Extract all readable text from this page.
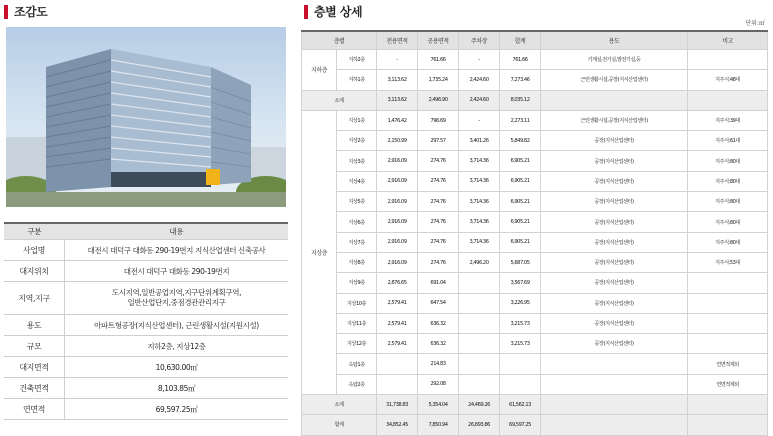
조감도
구분	내용
사업명	대전시 대덕구 대화동 290-19번지 지식산업센터 신축공사
대지위치	대전시 대덕구 대화동 290-19번지
지역,지구	도시지역,일반공업지역,지구단위계획구역,
일반산업단지,중점경관관리지구
용도	아파트형공장(지식산업센터), 근린생활시설(지원시설)
규모	지하2층, 지상12층
대지면적	10,630.00㎡
건축면적	8,103.85㎡
연면적	69,597.25㎡
층별 상세
단위:㎡
층별		전용면적	공용면적	주차장	합계	용도	비고
지하층	지하2층	-	761.66	-	761.66	기계실,전기실,발전기실,등	
	지하1층	3,113.62	1,735.24	2,424.60	7,273.46	근린생활시설,공장(지식산업센터)	지주식:48대
소계		3,113.62	2,496.90	2,424.60	8,035.12		
지상층	지상1층	1,476.42	796.69	-	2,273.11	근린생활시설,공장(지식산업센터)	지주식:39대
	지상2층	2,150.99	297.57	3,401.26	5,849.82	공장(지식산업센터)	지주식:61대
	지상3층	2,916.09	274.76	3,714.36	6,905.21	공장(지식산업센터)	지주식:80대
	지상4층	2,916.09	274.76	3,714.36	6,905.21	공장(지식산업센터)	지주식:80대
	지상5층	2,916.09	274.76	3,714.36	6,905.21	공장(지식산업센터)	지주식:80대
	지상6층	2,916.09	274.76	3,714.36	6,905.21	공장(지식산업센터)	지주식:80대
	지상7층	2,916.09	274.76	3,714.36	6,905.21	공장(지식산업센터)	지주식:80대
	지상8층	2,916.09	274.76	2,496.20	5,687.05	공장(지식산업센터)	지주식:53대
	지상9층	2,876.65	691.04		3,567.69	공장(지식산업센터)	
	지상10층	2,579.41	647.54		3,226.95	공장(지식산업센터)	
	지상11층	2,579.41	636.32		3,215.73	공장(지식산업센터)	
	지상12층	2,579.41	636.32		3,215.73	공장(지식산업센터)	
	옥탑1층		214.83				연면적제외
	옥탑2층		292.08				연면적제외
소계		31,738.83	5,354.04	24,469.26	61,562.13		
합계		34,852.45	7,850.94	26,893.86	69,597.25		
